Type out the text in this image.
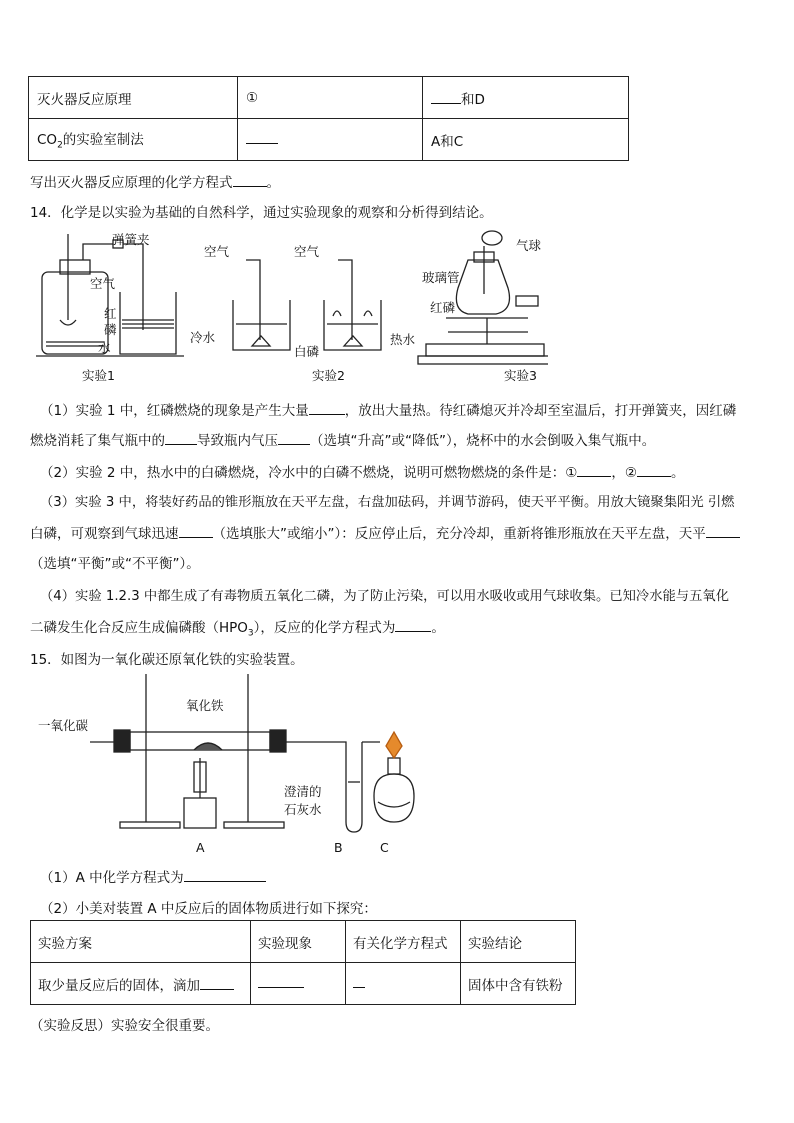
灭火器反应原理	①	和D
$CO_2$的实验室制法		A和C
写出灭火器反应原理的化学方程式	。
14．化学是以实验为基础的自然科学，通过实验现象的观察和分析得到结论。
弹簧夹
空气
红
磷
水
实验1
空气	空气
冷水
白磷
热水
实验2
气球
玻璃管
红磷
实验3
（1）实验 1 中，红磷燃烧的现象是产生大量	，放出大量热。待红磷熄灭并冷却至室温后，打开弹簧夹，因红磷
燃烧消耗了集气瓶中的 导致瓶内气压 （选填“升高”或“降低”），烧杯中的水会倒吸入集气瓶中。
（2）实验 2 中，热水中的白磷燃烧，冷水中的白磷不燃烧，说明可燃物燃烧的条件是：①	，②	。
（3）实验 3 中，将装好药品的锥形瓶放在天平左盘，右盘加砝码，并调节游码，使天平平衡。用放大镜聚集阳光 引燃
白磷，可观察到气球迅速	（选填胀大”或缩小”）：反应停止后，充分冷却，重新将锥形瓶放在天平左盘，天平
（选填“平衡”或“不平衡”）。
（4）实验 1.2.3 中都生成了有毒物质五氧化二磷，为了防止污染，可以用水吸收或用气球收集。已知冷水能与五氧化
二磷发生化合反应生成偏磷酸$(HPO_3)$，反应的化学方程式为	。
15．如图为一氧化碳还原氧化铁的实验装置。
一氧化碳
氧化铁
澄清的
石灰水
A	B	C
（1）A 中化学方程式为
（2）小美对装置 A 中反应后的固体物质进行如下探究：
实验方案	实验现象	有关化学方程式	实验结论
取少量反应后的固体，滴加			固体中含有铁粉
（实验反思）实验安全很重要。
